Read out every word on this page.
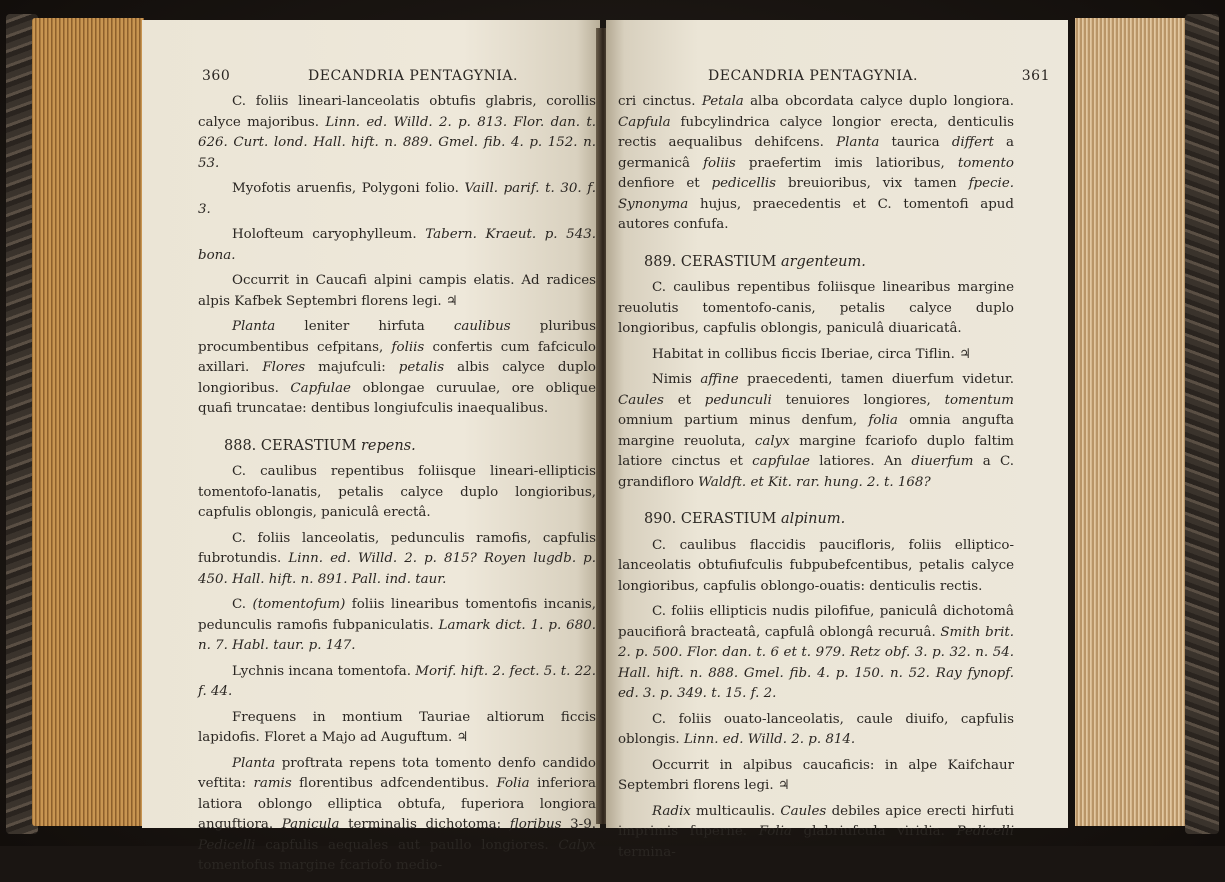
360	DECANDRIA PENTAGYNIA.

C. foliis lineari-lanceolatis obtufis glabris, corollis calyce majoribus. Linn. ed. Willd. 2. p. 813. Flor. dan. t. 626. Curt. lond. Hall. hift. n. 889. Gmel. fib. 4. p. 152. n. 53.

Myofotis aruenfis, Polygoni folio. Vaill. parif. t. 30. f. 3.

Holofteum caryophylleum. Tabern. Kraeut. p. 543. bona.

Occurrit in Caucafi alpini campis elatis. Ad radices alpis Kafbek Septembri florens legi. ♃

Planta leniter hirfuta caulibus pluribus procumbentibus cefpitans, foliis confertis cum fafciculo axillari. Flores majufculi: petalis albis calyce duplo longioribus. Capfulae oblongae curuulae, ore oblique quafi truncatae: dentibus longiufculis inaequalibus.

888. CERASTIUM repens.

C. caulibus repentibus foliisque lineari-ellipticis tomentofo-lanatis, petalis calyce duplo longioribus, capfulis oblongis, paniculâ erectâ.

C. foliis lanceolatis, pedunculis ramofis, capfulis fubrotundis. Linn. ed. Willd. 2. p. 815? Royen lugdb. p. 450. Hall. hift. n. 891. Pall. ind. taur.

C. (tomentofum) foliis linearibus tomentofis incanis, pedunculis ramofis fubpaniculatis. Lamark dict. 1. p. 680. n. 7. Habl. taur. p. 147.

Lychnis incana tomentofa. Morif. hift. 2. fect. 5. t. 22. f. 44.

Frequens in montium Tauriae altiorum ficcis lapidofis. Floret a Majo ad Auguftum. ♃

Planta proftrata repens tota tomento denfo candido veftita: ramis florentibus adfcendentibus. Folia inferiora latiora oblongo elliptica obtufa, fuperiora longiora anguftiora. Panicula terminalis dichotoma: floribus 3-9. Pedicelli capfulis aequales aut paullo longiores. Calyx tomentofus margine fcariofo medio-

DECANDRIA PENTAGYNIA.	361

cri cinctus. Petala alba obcordata calyce duplo longiora. Capfula fubcylindrica calyce longior erecta, denticulis rectis aequalibus dehifcens. Planta taurica differt a germanicâ foliis praefertim imis latioribus, tomento denfiore et pedicellis breuioribus, vix tamen fpecie. Synonyma hujus, praecedentis et C. tomentofi apud autores confufa.

889. CERASTIUM argenteum.

C. caulibus repentibus foliisque linearibus margine reuolutis tomentofo-canis, petalis calyce duplo longioribus, capfulis oblongis, paniculâ diuaricatâ.

Habitat in collibus ficcis Iberiae, circa Tiflin. ♃

Nimis affine praecedenti, tamen diuerfum videtur. Caules et pedunculi tenuiores longiores, tomentum omnium partium minus denfum, folia omnia angufta margine reuoluta, calyx margine fcariofo duplo faltim latiore cinctus et capfulae latiores. An diuerfum a C. grandifloro Waldft. et Kit. rar. hung. 2. t. 168?

890. CERASTIUM alpinum.

C. caulibus flaccidis paucifloris, foliis elliptico-lanceolatis obtufiufculis fubpubefcentibus, petalis calyce longioribus, capfulis oblongo-ouatis: denticulis rectis.

C. foliis ellipticis nudis pilofifue, paniculâ dichotomâ paucifiorâ bracteatâ, capfulâ oblongâ recuruâ. Smith brit. 2. p. 500. Flor. dan. t. 6 et t. 979. Retz obf. 3. p. 32. n. 54. Hall. hift. n. 888. Gmel. fib. 4. p. 150. n. 52. Ray fynopf. ed. 3. p. 349. t. 15. f. 2.

C. foliis ouato-lanceolatis, caule diuifo, capfulis oblongis. Linn. ed. Willd. 2. p. 814.

Occurrit in alpibus caucaficis: in alpe Kaifchaur Septembri florens legi. ♃

Radix multicaulis. Caules debiles apice erecti hirfuti imprimis fuperne. Folia glabriufcula viridia. Pedicelli termina-
